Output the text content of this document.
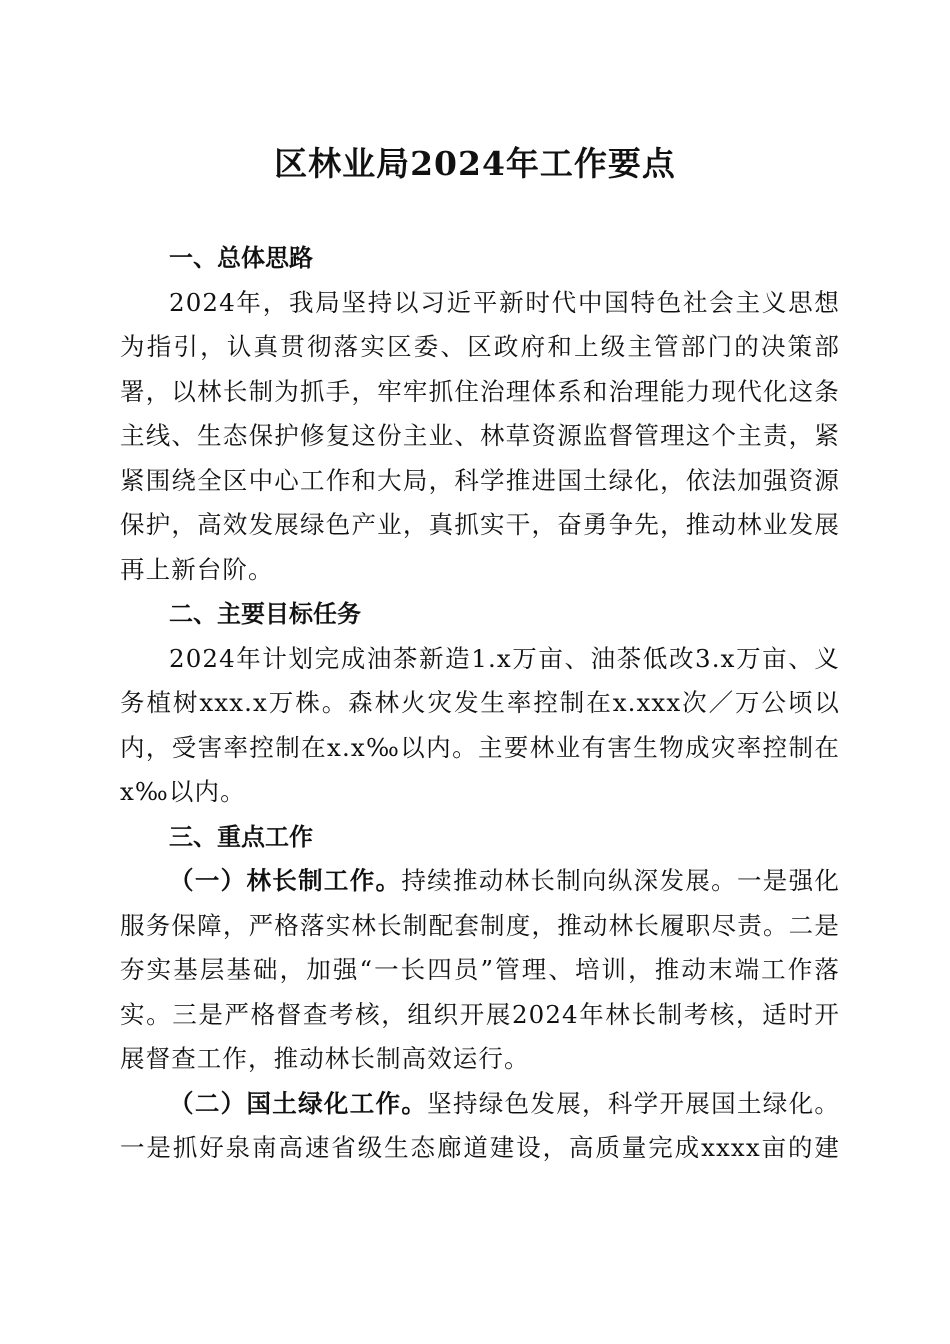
区林业局2024年工作要点

一、总体思路

2024年，我局坚持以习近平新时代中国特色社会主义思想为指引，认真贯彻落实区委、区政府和上级主管部门的决策部署，以林长制为抓手，牢牢抓住治理体系和治理能力现代化这条主线、生态保护修复这份主业、林草资源监督管理这个主责，紧紧围绕全区中心工作和大局，科学推进国土绿化，依法加强资源保护，高效发展绿色产业，真抓实干，奋勇争先，推动林业发展再上新台阶。

二、主要目标任务

2024年计划完成油茶新造1.x万亩、油茶低改3.x万亩、义务植树xxx.x万株。森林火灾发生率控制在x.xxx次／万公顷以内，受害率控制在x.x‰以内。主要林业有害生物成灾率控制在x‰以内。

三、重点工作

（一）林长制工作。持续推动林长制向纵深发展。一是强化服务保障，严格落实林长制配套制度，推动林长履职尽责。二是夯实基层基础，加强“一长四员”管理、培训，推动末端工作落实。三是严格督查考核，组织开展2024年林长制考核，适时开展督查工作，推动林长制高效运行。

（二）国土绿化工作。坚持绿色发展，科学开展国土绿化。一是抓好泉南高速省级生态廊道建设，高质量完成xxxx亩的建
